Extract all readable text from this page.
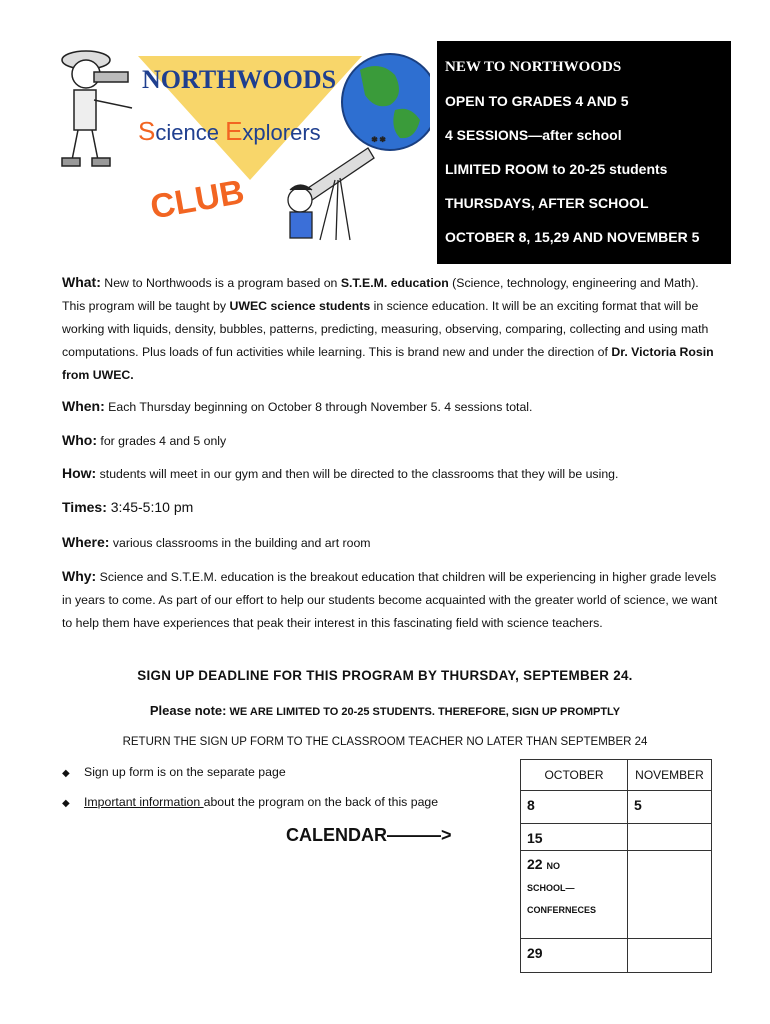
* *
NORTHWOODS
Science Explorers
CLUB
NEW TO NORTHWOODS
OPEN TO GRADES 4 AND 5
4 SESSIONS—after school
LIMITED ROOM to 20-25 students
THURSDAYS, AFTER SCHOOL
OCTOBER 8, 15,29 AND NOVEMBER 5
What: New to Northwoods is a program based on S.T.E.M. education (Science, technology, engineering and Math). This program will be taught by UWEC science students in science education. It will be an exciting format that will be working with liquids, density, bubbles, patterns, predicting, measuring, observing, comparing, collecting and using math computations. Plus loads of fun activities while learning. This is brand new and under the direction of Dr. Victoria Rosin from UWEC.
When: Each Thursday beginning on October 8 through November 5. 4 sessions total.
Who: for grades 4 and 5 only
How: students will meet in our gym and then will be directed to the classrooms that they will be using.
Times: 3:45-5:10 pm
Where: various classrooms in the building and art room
Why: Science and S.T.E.M. education is the breakout education that children will be experiencing in higher grade levels in years to come. As part of our effort to help our students become acquainted with the greater world of science, we want to help them have experiences that peak their interest in this fascinating field with science teachers.
SIGN UP DEADLINE FOR THIS PROGRAM BY THURSDAY, SEPTEMBER 24.
Please note: WE ARE LIMITED TO 20-25 STUDENTS. THEREFORE, SIGN UP PROMPTLY
RETURN THE SIGN UP FORM TO THE CLASSROOM TEACHER NO LATER THAN SEPTEMBER 24
◆ Sign up form is on the separate page
◆ Important information about the program on the back of this page
CALENDAR———>
OCTOBER	NOVEMBER
8	5
15	
22 NO
SCHOOL—
CONFERNECES	
29	
